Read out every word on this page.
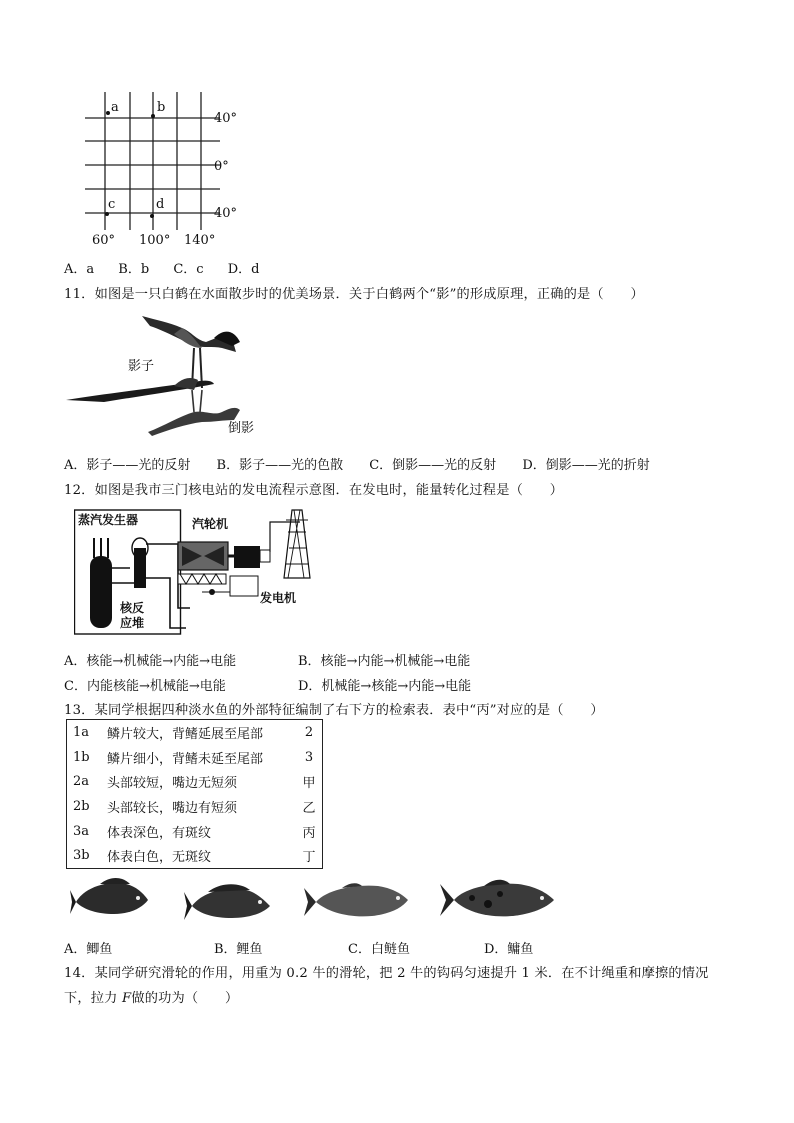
a	b
c	d
40°
0°
40°
60° 100° 140°
A．a B．b C．c D．d
11．如图是一只白鹤在水面散步时的优美场景．关于白鹤两个“影”的形成原理，正确的是（　　）
影子
倒影
A．影子——光的反射 B．影子——光的色散 C．倒影——光的反射 D．倒影——光的折射
12．如图是我市三门核电站的发电流程示意图．在发电时，能量转化过程是（　　）
蒸汽发生器	汽轮机
发电机
核反
应堆
A．核能→机械能→内能→电能	B．核能→内能→机械能→电能
C．内能核能→机械能→电能	D．机械能→核能→内能→电能
13．某同学根据四种淡水鱼的外部特征编制了右下方的检索表．表中“丙”对应的是（　　）
1a	鳞片较大，背鳍延展至尾部	2
1b	鳞片细小，背鳍未延至尾部	3
2a	头部较短，嘴边无短须	甲
2b	头部较长，嘴边有短须	乙
3a	体表深色，有斑纹	丙
3b	体表白色，无斑纹	丁
A．鲫鱼	B．鲤鱼	C．白鲢鱼	D．鳙鱼
14．某同学研究滑轮的作用，用重为 0.2 牛的滑轮，把 2 牛的钩码匀速提升 1 米．在不计绳重和摩擦的情况
下，拉力 F做的功为（　　）
